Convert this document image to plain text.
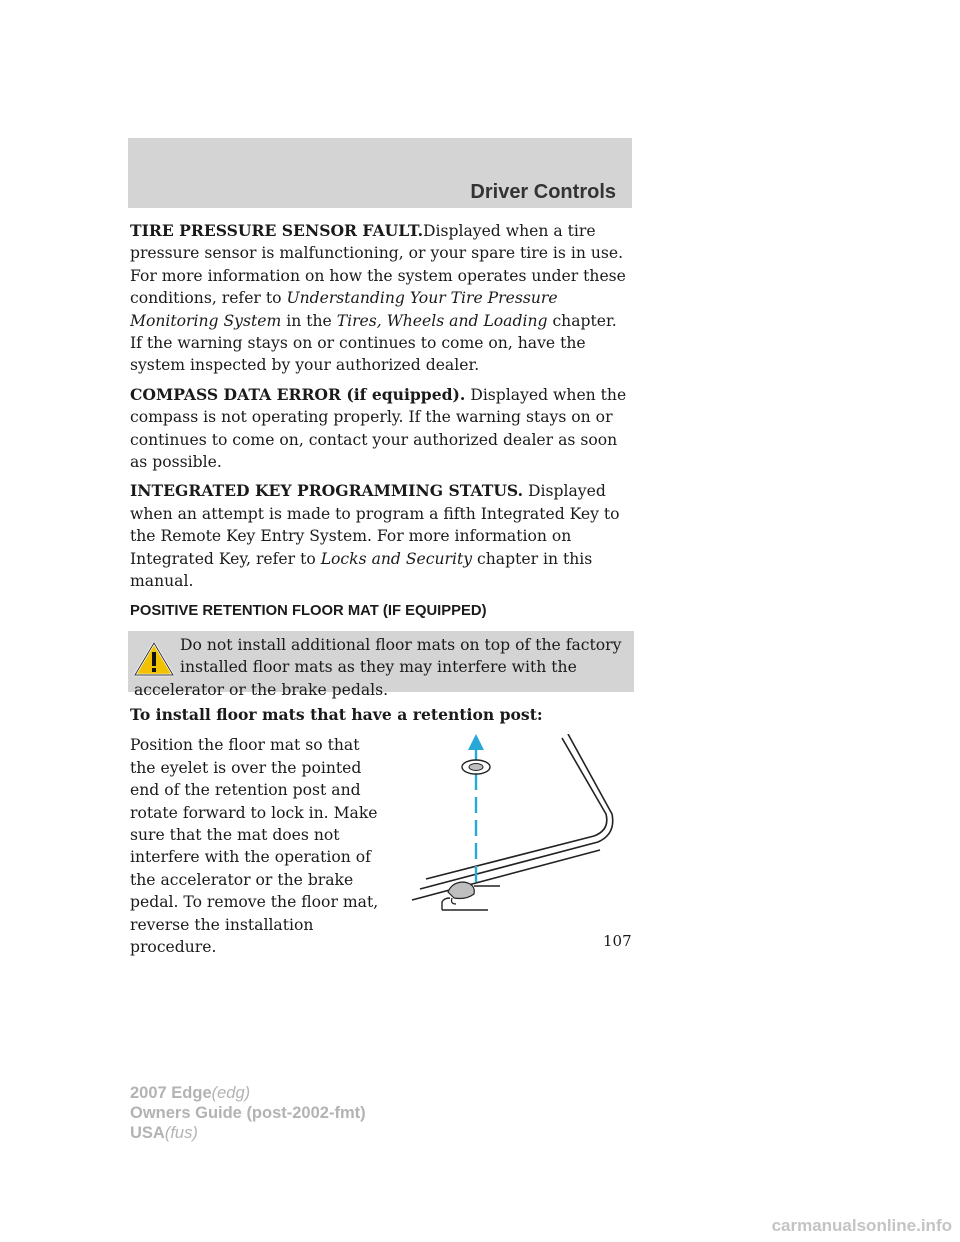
Driver Controls

TIRE PRESSURE SENSOR FAULT.Displayed when a tire pressure sensor is malfunctioning, or your spare tire is in use. For more information on how the system operates under these conditions, refer to Understanding Your Tire Pressure Monitoring System in the Tires, Wheels and Loading chapter. If the warning stays on or continues to come on, have the system inspected by your authorized dealer.

COMPASS DATA ERROR (if equipped). Displayed when the compass is not operating properly. If the warning stays on or continues to come on, contact your authorized dealer as soon as possible.

INTEGRATED KEY PROGRAMMING STATUS. Displayed when an attempt is made to program a fifth Integrated Key to the Remote Key Entry System. For more information on Integrated Key, refer to Locks and Security chapter in this manual.

POSITIVE RETENTION FLOOR MAT (IF EQUIPPED)
Do not install additional floor mats on top of the factory installed floor mats as they may interfere with the accelerator or the brake pedals.
To install floor mats that have a retention post:
Position the floor mat so that the eyelet is over the pointed end of the retention post and rotate forward to lock in. Make sure that the mat does not interfere with the operation of the accelerator or the brake pedal. To remove the floor mat, reverse the installation procedure.	107
2007 Edge(edg)
Owners Guide (post-2002-fmt)
USA(fus)
carmanualsonline.info
